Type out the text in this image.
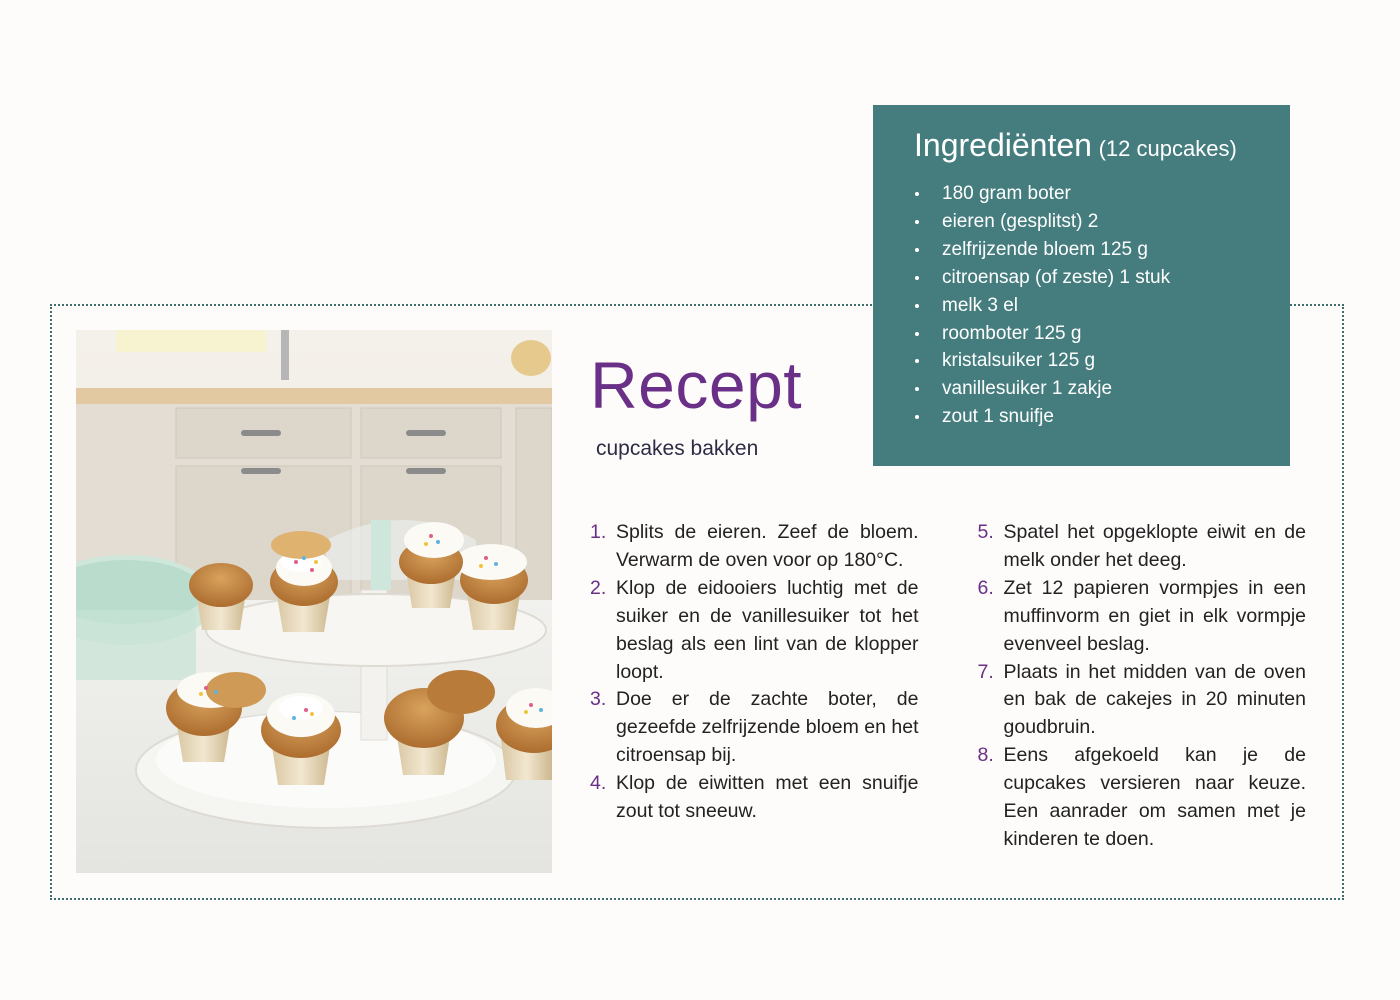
Recept

cupcakes bakken

Ingrediënten (12 cupcakes)
180 gram boter
eieren (gesplitst) 2
zelfrijzende bloem 125 g
citroensap (of zeste) 1 stuk
melk 3 el
roomboter 125 g
kristalsuiker 125 g
vanillesuiker 1 zakje
zout 1 snuifje
1. Splits de eieren. Zeef de bloem. Verwarm de oven voor op 180°C.
2. Klop de eidooiers luchtig met de suiker en de vanillesuiker tot het beslag als een lint van de klopper loopt.
3. Doe er de zachte boter, de gezeefde zelfrijzende bloem en het citroensap bij.
4. Klop de eiwitten met een snuifje zout tot sneeuw.
5. Spatel het opgeklopte eiwit en de melk onder het deeg.
6. Zet 12 papieren vormpjes in een muffinvorm en giet in elk vormpje evenveel beslag.
7. Plaats in het midden van de oven en bak de cakejes in 20 minuten goudbruin.
8. Eens afgekoeld kan je de cupcakes versieren naar keuze. Een aanrader om samen met je kinderen te doen.
